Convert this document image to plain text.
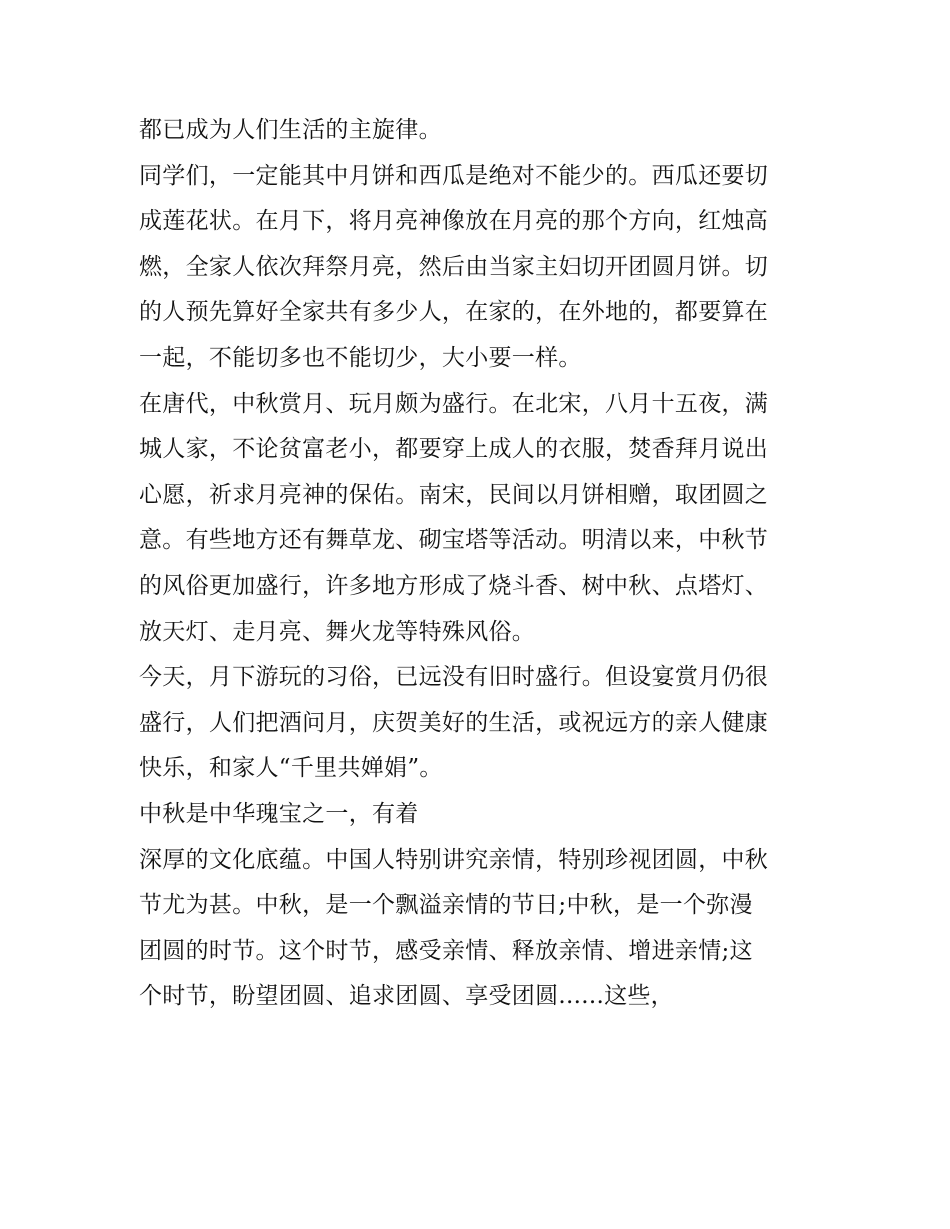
都已成为人们生活的主旋律。
同学们，一定能其中月饼和西瓜是绝对不能少的。西瓜还要切
成莲花状。在月下，将月亮神像放在月亮的那个方向，红烛高
燃，全家人依次拜祭月亮，然后由当家主妇切开团圆月饼。切
的人预先算好全家共有多少人，在家的，在外地的，都要算在
一起，不能切多也不能切少，大小要一样。
在唐代，中秋赏月、玩月颇为盛行。在北宋，八月十五夜，满
城人家，不论贫富老小，都要穿上成人的衣服，焚香拜月说出
心愿，祈求月亮神的保佑。南宋，民间以月饼相赠，取团圆之
意。有些地方还有舞草龙、砌宝塔等活动。明清以来，中秋节
的风俗更加盛行，许多地方形成了烧斗香、树中秋、点塔灯、
放天灯、走月亮、舞火龙等特殊风俗。
今天，月下游玩的习俗，已远没有旧时盛行。但设宴赏月仍很
盛行，人们把酒问月，庆贺美好的生活，或祝远方的亲人健康
快乐，和家人“千里共婵娟”。
中秋是中华瑰宝之一，有着
深厚的文化底蕴。中国人特别讲究亲情，特别珍视团圆，中秋
节尤为甚。中秋，是一个飘溢亲情的节日;中秋，是一个弥漫
团圆的时节。这个时节，感受亲情、释放亲情、增进亲情;这
个时节，盼望团圆、追求团圆、享受团圆......这些，
